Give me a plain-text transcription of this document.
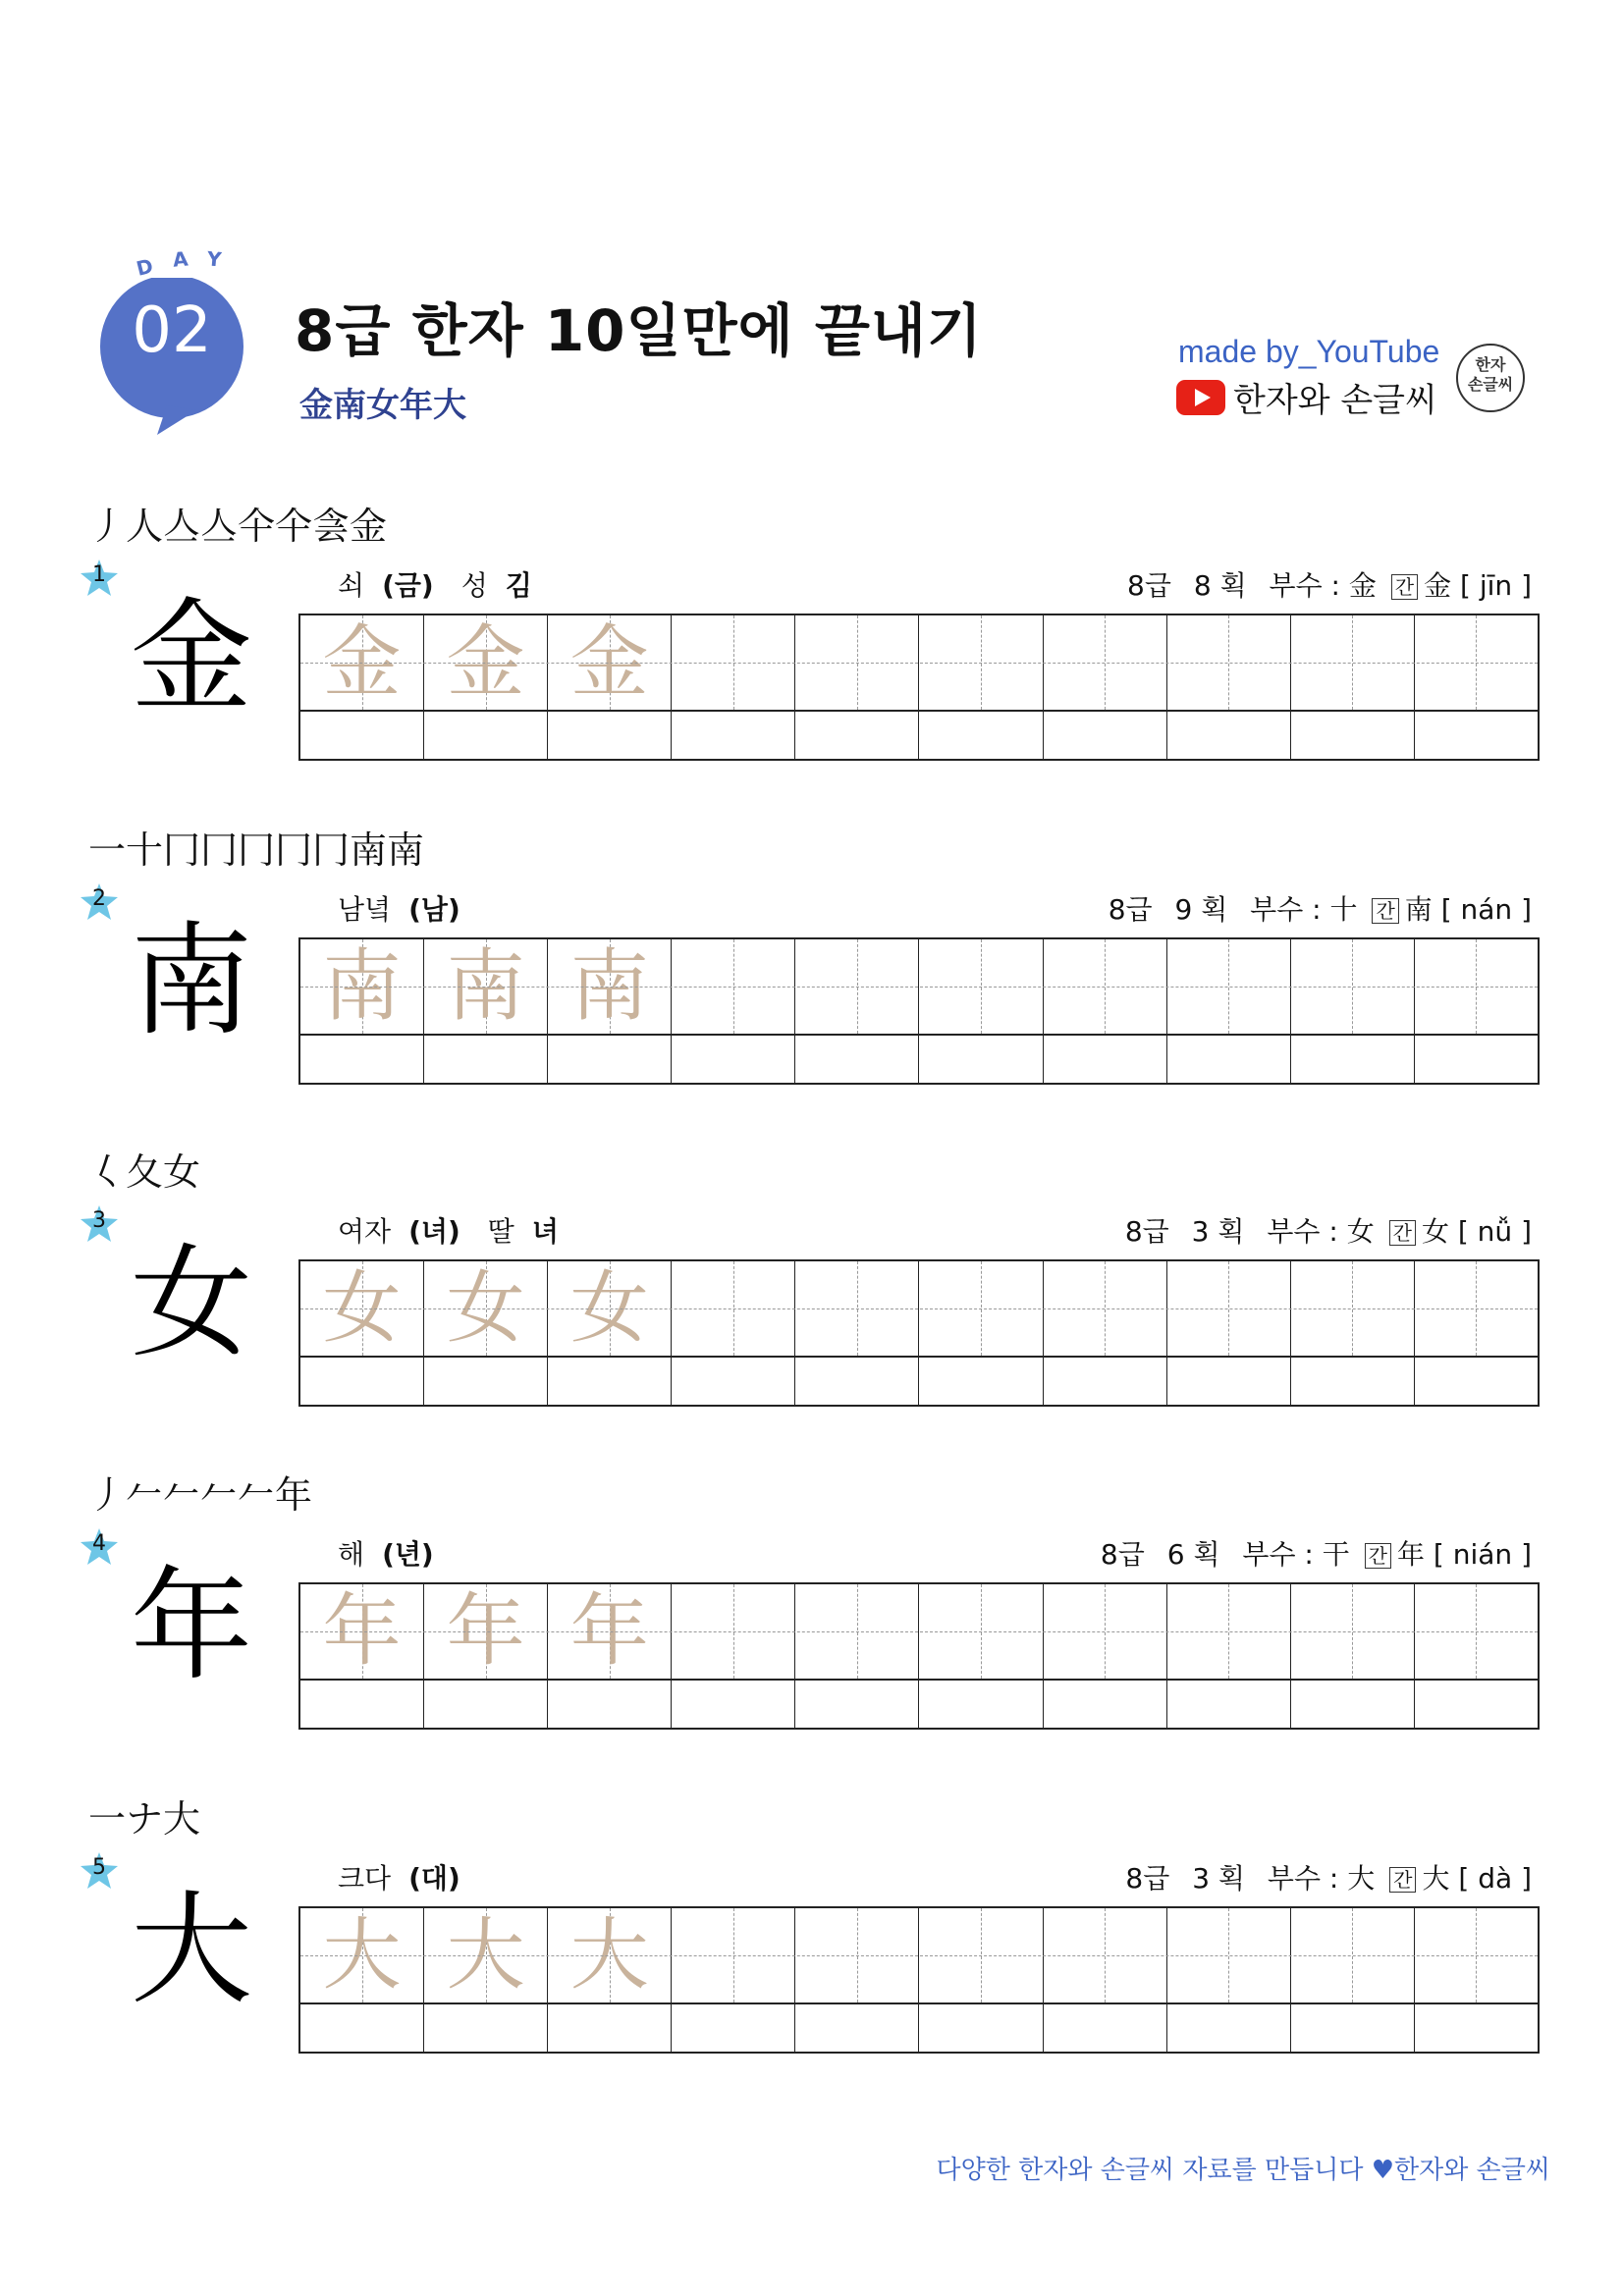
D A Y
02	8급 한자 10일만에 끝내기
金南女年大
made by_YouTube
한자와 손글씨
한자
손글씨
丿人亼亼仐仐侌金
1
金
쇠 (금) 성 김	8급 8 획 부수 : 金 간 金 [ jīn ]
金 金 金
一十冂冂冂冂冂南南
2
南
남녘 (남)	8급 9 획 부수 : 十 간 南 [ nán ]
南 南 南
𡿨夂女
3
女
여자 (녀) 딸 녀	8급 3 획 부수 : 女 간 女 [ nǚ ]
女 女 女
丿𠂉𠂉𠂉𠂉年
4
年
해 (년)	8급 6 획 부수 : 干 간 年 [ nián ]
年 年 年
一ナ大
5
大
크다 (대)	8급 3 획 부수 : 大 간 大 [ dà ]
大 大 大
다양한 한자와 손글씨 자료를 만듭니다 ♥한자와 손글씨
